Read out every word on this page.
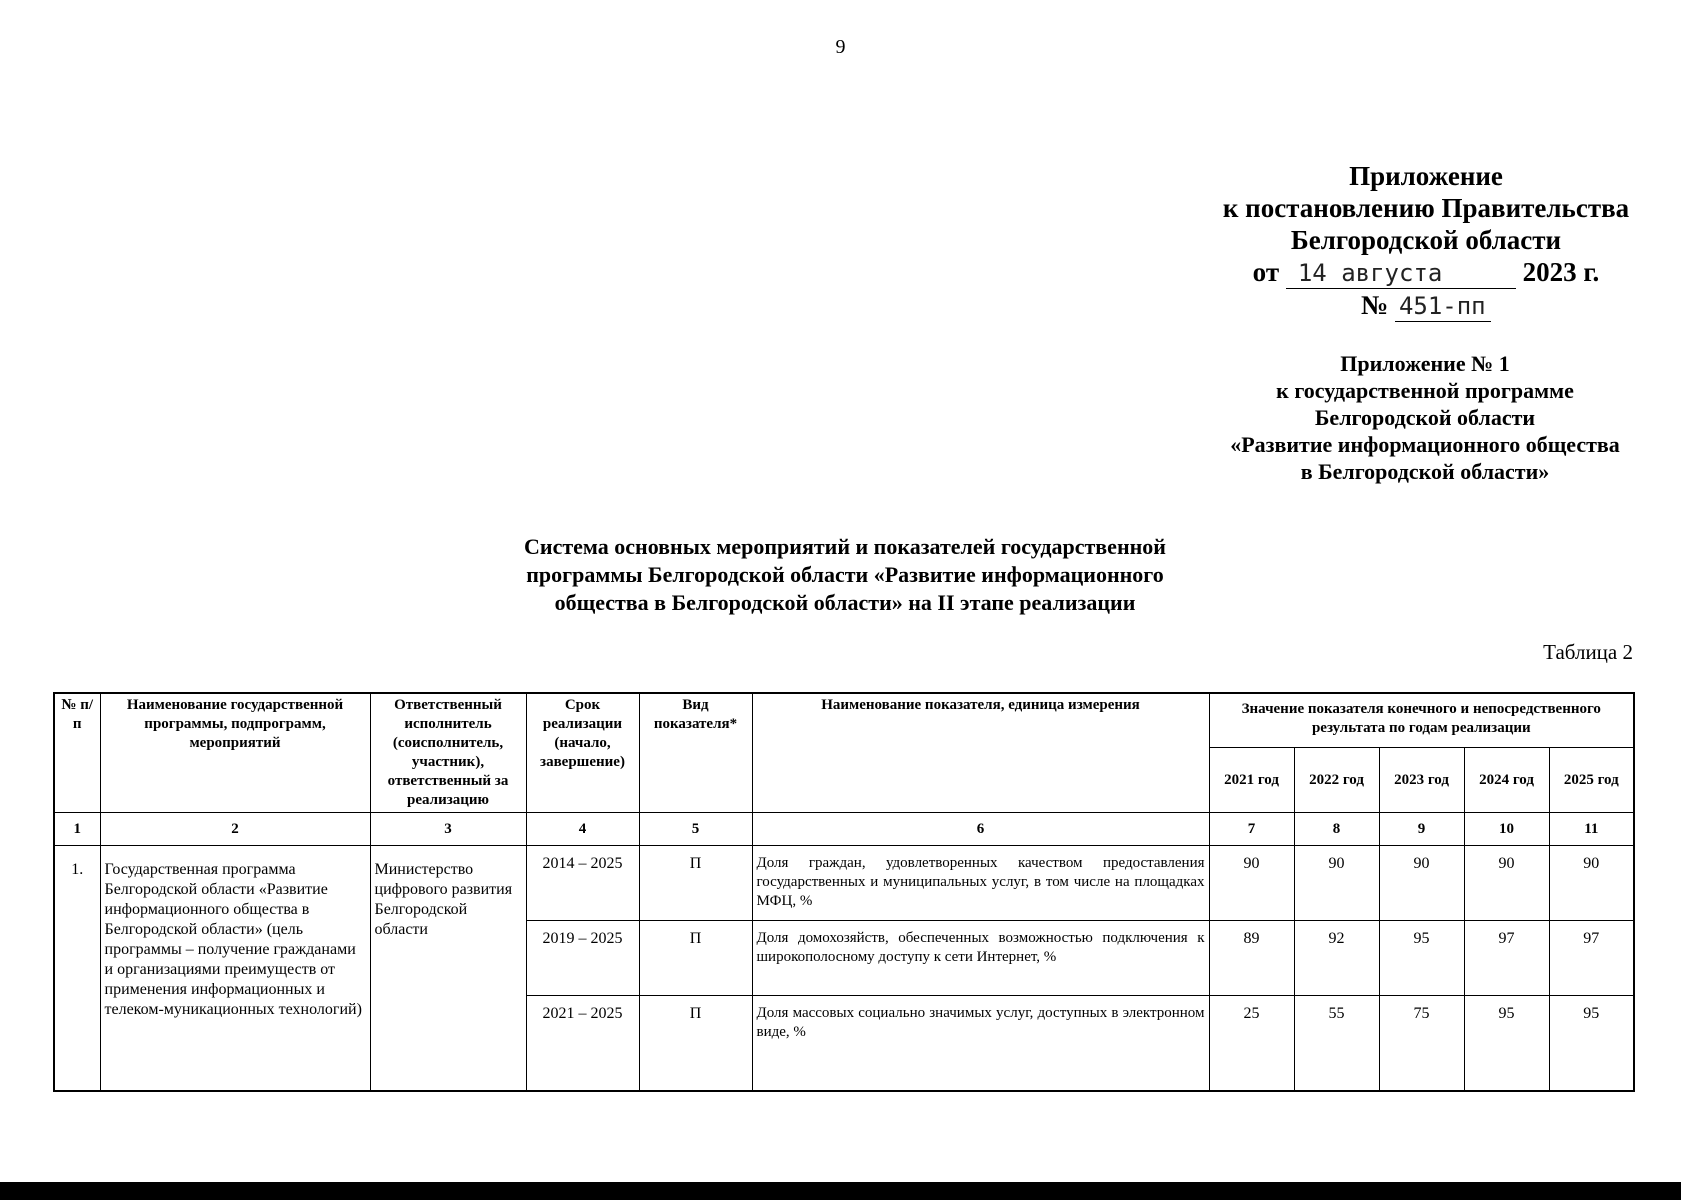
9
Приложение
к постановлению Правительства
Белгородской области
от 14 августа	2023 г.
№ 451-пп
Приложение № 1
к государственной программе
Белгородской области
«Развитие информационного общества
в Белгородской области»
Система основных мероприятий и показателей государственной
программы Белгородской области «Развитие информационного
общества в Белгородской области» на II этапе реализации
Таблица 2
№ п/п	Наименование государственной программы, подпрограмм, мероприятий	Ответственный исполнитель (соисполнитель, участник), ответственный за реализацию	Срок реализации (начало, завершение)	Вид показателя*	Наименование показателя, единица измерения	Значение показателя конечного и непосредственного результата по годам реализации				
						2021 год	2022 год	2023 год	2024 год	2025 год
1	2	3	4	5	6	7	8	9	10	11
1.	Государственная программа Белгородской области «Развитие информационного общества в Белгородской области» (цель программы – получение гражданами и организациями преимуществ от применения информационных и телеком-муникационных технологий)	Министерство цифрового развития Белгородской области	2014 – 2025	П	Доля граждан, удовлетворенных качеством предоставления государственных и муниципальных услуг, в том числе на площадках МФЦ, %	90	90	90	90	90
			2019 – 2025	П	Доля домохозяйств, обеспеченных возможностью подключения к широкополосному доступу к сети Интернет, %	89	92	95	97	97
			2021 – 2025	П	Доля массовых социально значимых услуг, доступных в электронном виде, %	25	55	75	95	95
